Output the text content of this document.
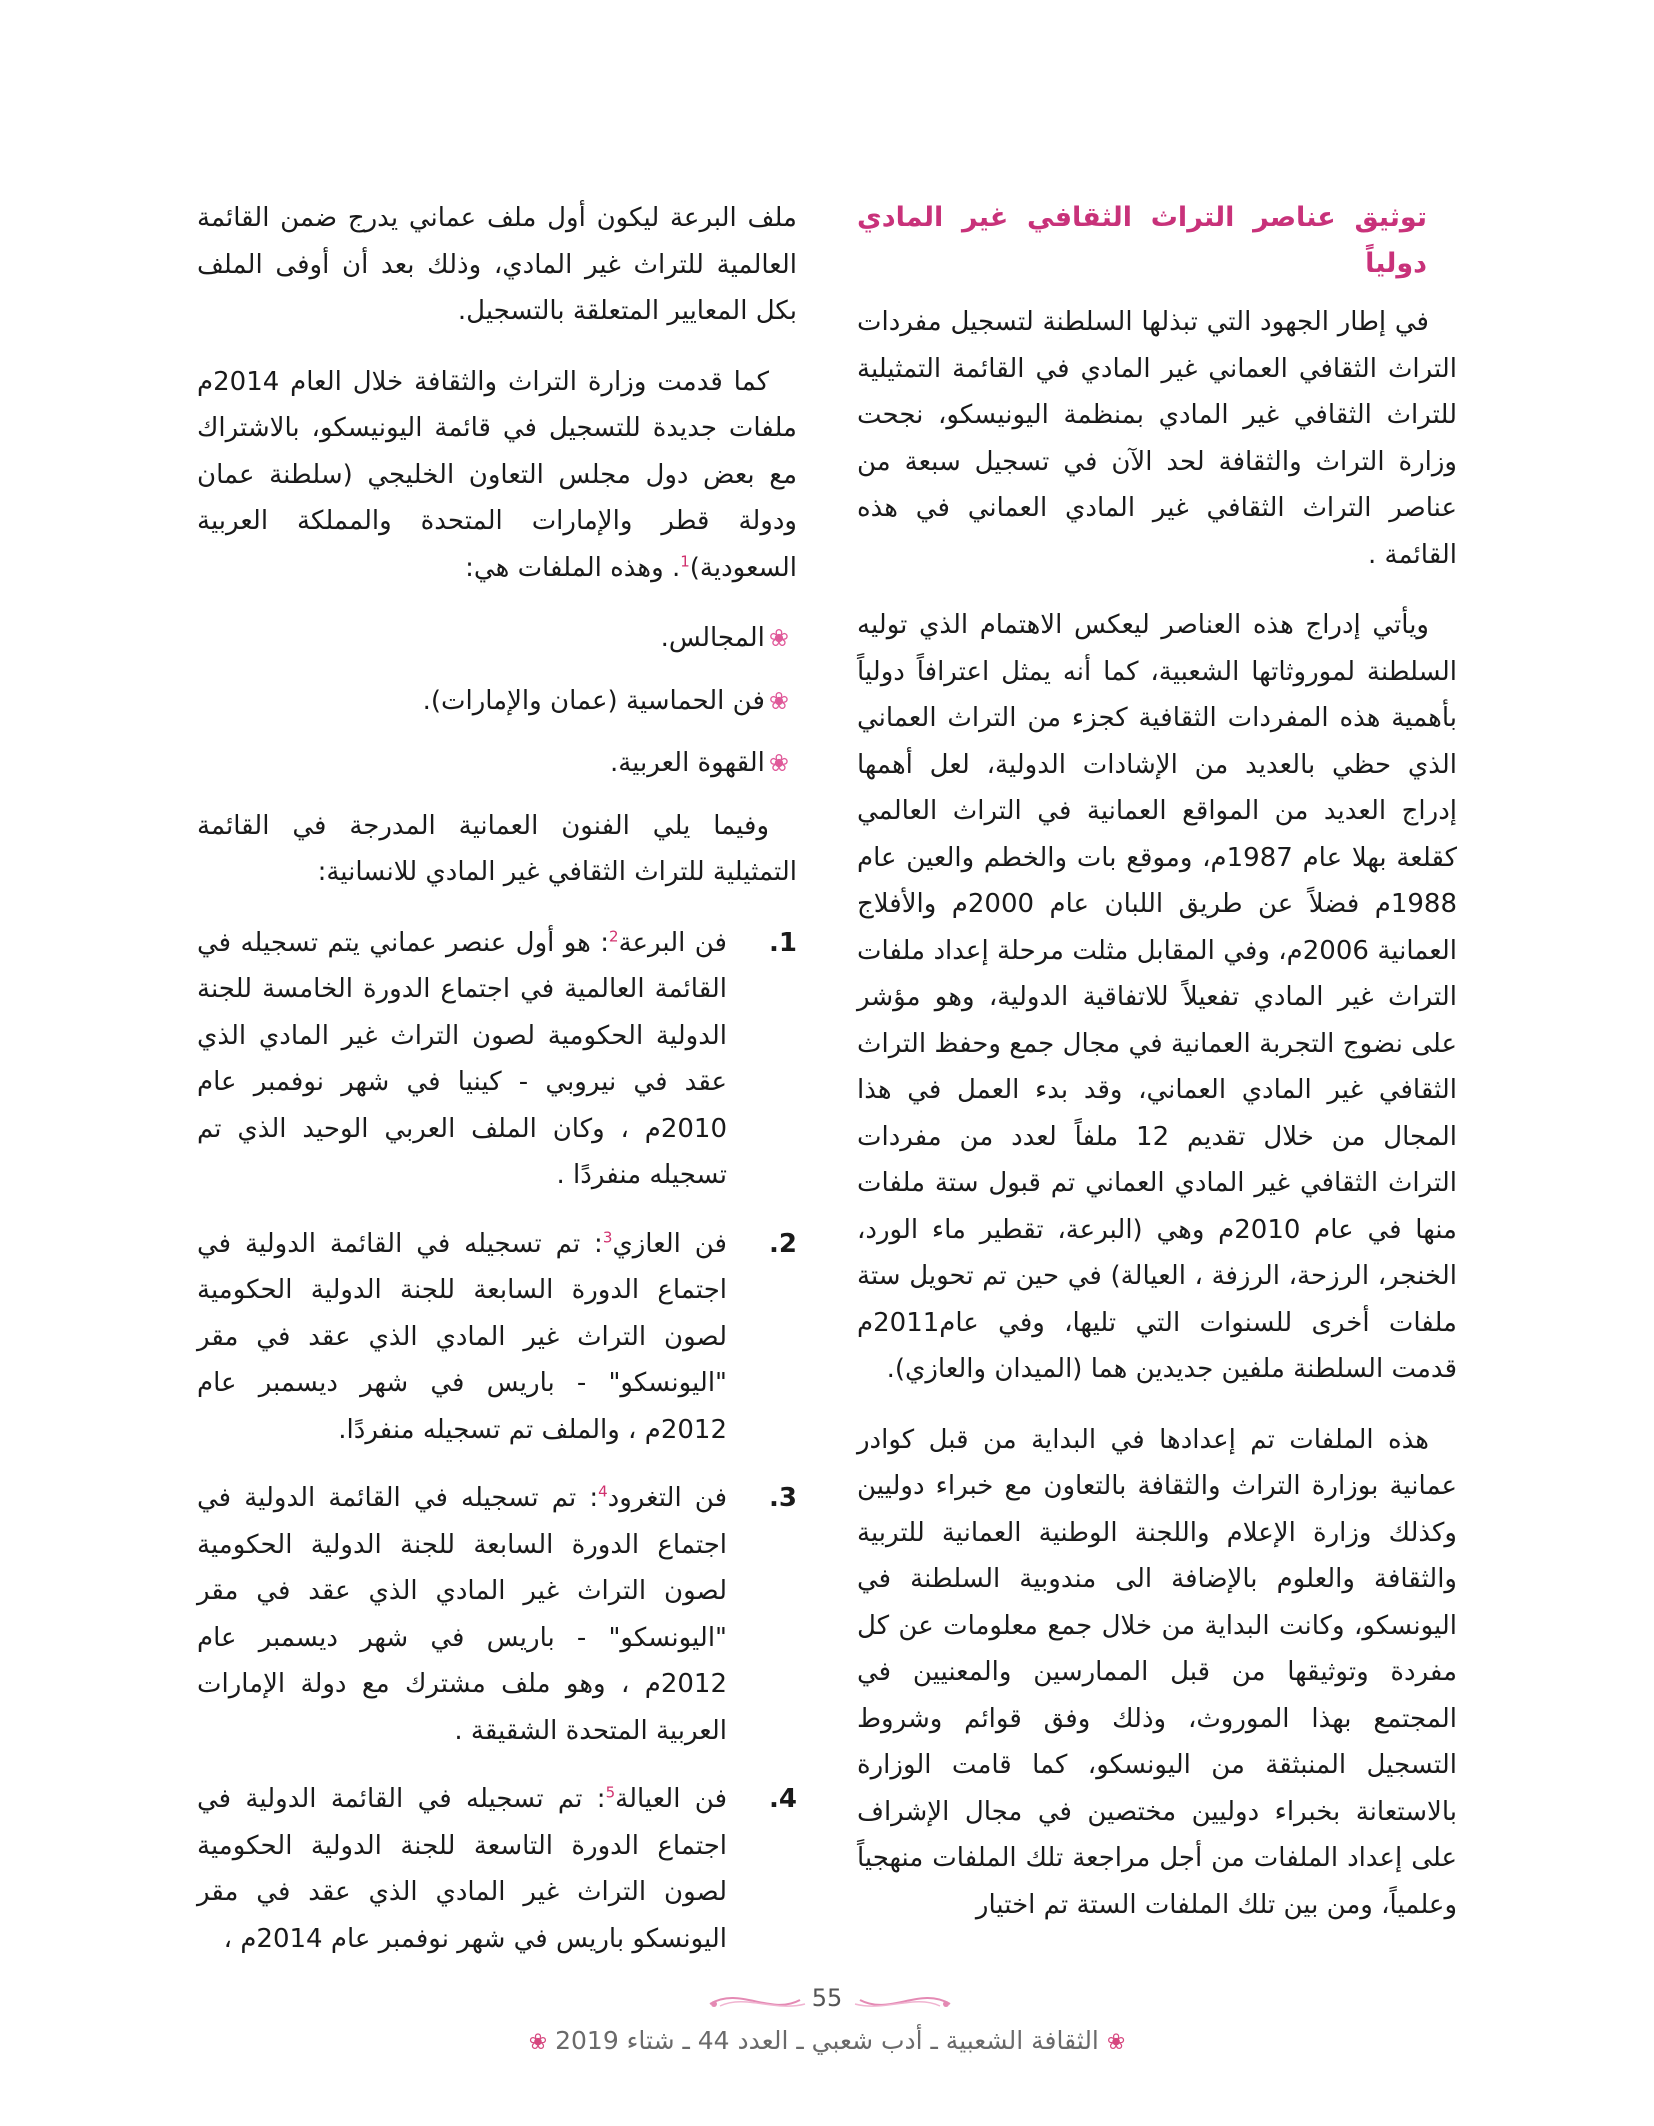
توثيق عناصر التراث الثقافي غير المادي دولياً

في إطار الجهود التي تبذلها السلطنة لتسجيل مفردات التراث الثقافي العماني غير المادي في القائمة التمثيلية للتراث الثقافي غير المادي بمنظمة اليونيسكو، نجحت وزارة التراث والثقافة لحد الآن في تسجيل سبعة من عناصر التراث الثقافي غير المادي العماني في هذه القائمة .

ويأتي إدراج هذه العناصر ليعكس الاهتمام الذي توليه السلطنة لموروثاتها الشعبية، كما أنه يمثل اعترافاً دولياً بأهمية هذه المفردات الثقافية كجزء من التراث العماني الذي حظي بالعديد من الإشادات الدولية، لعل أهمها إدراج العديد من المواقع العمانية في التراث العالمي كقلعة بهلا عام 1987م، وموقع بات والخطم والعين عام 1988م فضلاً عن طريق اللبان عام 2000م والأفلاج العمانية 2006م، وفي المقابل مثلت مرحلة إعداد ملفات التراث غير المادي تفعيلاً للاتفاقية الدولية، وهو مؤشر على نضوج التجربة العمانية في مجال جمع وحفظ التراث الثقافي غير المادي العماني، وقد بدء العمل في هذا المجال من خلال تقديم 12 ملفاً لعدد من مفردات التراث الثقافي غير المادي العماني تم قبول ستة ملفات منها في عام 2010م وهي (البرعة، تقطير ماء الورد، الخنجر، الرزحة، الرزفة ، العيالة) في حين تم تحويل ستة ملفات أخرى للسنوات التي تليها، وفي عام2011م قدمت السلطنة ملفين جديدين هما (الميدان والعازي).

هذه الملفات تم إعدادها في البداية من قبل كوادر عمانية بوزارة التراث والثقافة بالتعاون مع خبراء دوليين وكذلك وزارة الإعلام واللجنة الوطنية العمانية للتربية والثقافة والعلوم بالإضافة الى مندوبية السلطنة في اليونسكو، وكانت البداية من خلال جمع معلومات عن كل مفردة وتوثيقها من قبل الممارسين والمعنيين في المجتمع بهذا الموروث، وذلك وفق قوائم وشروط التسجيل المنبثقة من اليونسكو، كما قامت الوزارة بالاستعانة بخبراء دوليين مختصين في مجال الإشراف على إعداد الملفات من أجل مراجعة تلك الملفات منهجياً وعلمياً، ومن بين تلك الملفات الستة تم اختيار

ملف البرعة ليكون أول ملف عماني يدرج ضمن القائمة العالمية للتراث غير المادي، وذلك بعد أن أوفى الملف بكل المعايير المتعلقة بالتسجيل.

كما قدمت وزارة التراث والثقافة خلال العام 2014م ملفات جديدة للتسجيل في قائمة اليونيسكو، بالاشتراك مع بعض دول مجلس التعاون الخليجي (سلطنة عمان ودولة قطر والإمارات المتحدة والمملكة العربية السعودية)$^1$. وهذه الملفات هي:

❀المجالس.
❀فن الحماسية (عمان والإمارات).
❀القهوة العربية.

وفيما يلي الفنون العمانية المدرجة في القائمة التمثيلية للتراث الثقافي غير المادي للانسانية:

1.
فن البرعة$^2$: هو أول عنصر عماني يتم تسجيله في القائمة العالمية في اجتماع الدورة الخامسة للجنة الدولية الحكومية لصون التراث غير المادي الذي عقد في نيروبي - كينيا في شهر نوفمبر عام 2010م ، وكان الملف العربي الوحيد الذي تم تسجيله منفردًا .
2.
فن العازي$^3$: تم تسجيله في القائمة الدولية في اجتماع الدورة السابعة للجنة الدولية الحكومية لصون التراث غير المادي الذي عقد في مقر "اليونسكو" - باريس في شهر ديسمبر عام 2012م ، والملف تم تسجيله منفردًا.
3.
فن التغرود$^4$: تم تسجيله في القائمة الدولية في اجتماع الدورة السابعة للجنة الدولية الحكومية لصون التراث غير المادي الذي عقد في مقر "اليونسكو" - باريس في شهر ديسمبر عام 2012م ، وهو ملف مشترك مع دولة الإمارات العربية المتحدة الشقيقة .
4.
فن العيالة$^5$: تم تسجيله في القائمة الدولية في اجتماع الدورة التاسعة للجنة الدولية الحكومية لصون التراث غير المادي الذي عقد في مقر اليونسكو باريس في شهر نوفمبر عام 2014م ،
55
❀ الثقافة الشعبية ـ أدب شعبي ـ العدد 44 ـ شتاء 2019 ❀
